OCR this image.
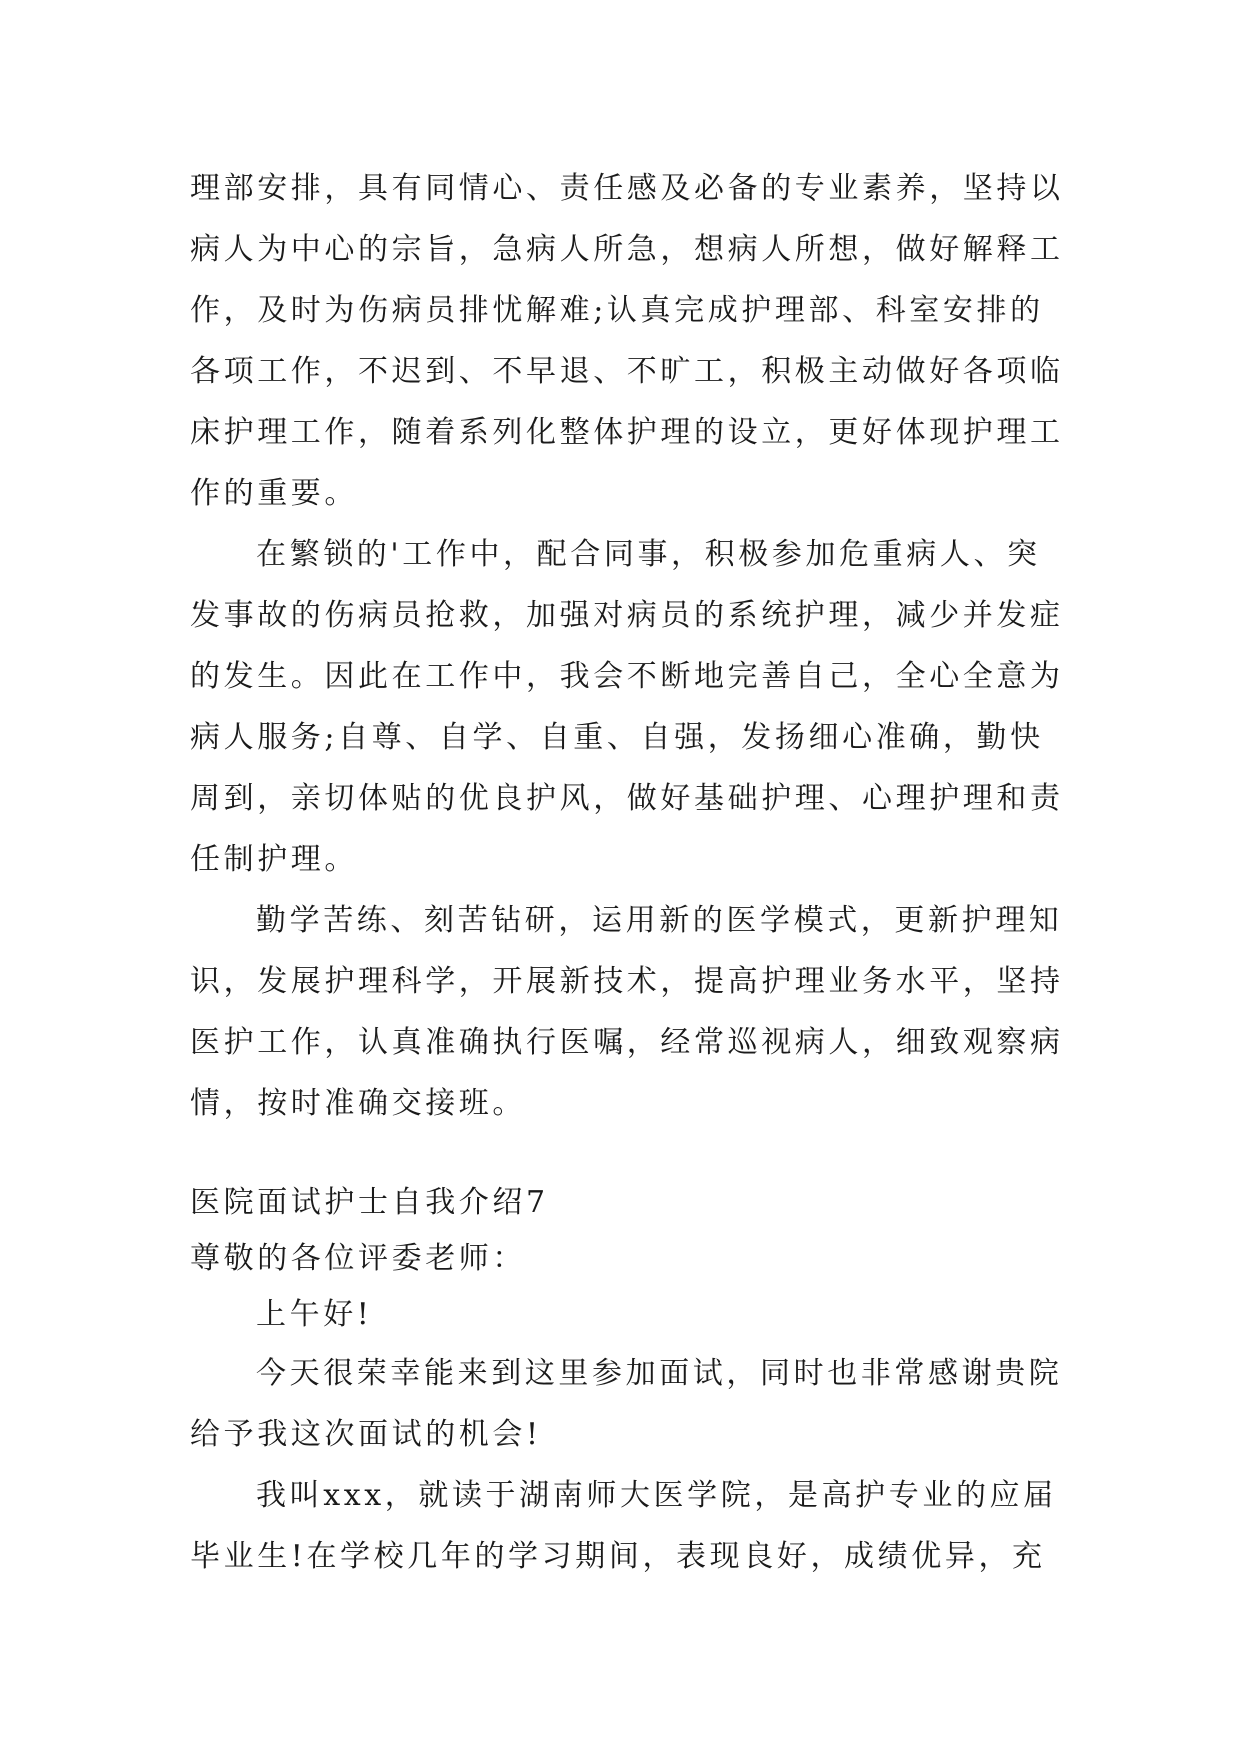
理部安排，具有同情心、责任感及必备的专业素养，坚持以
病人为中心的宗旨，急病人所急，想病人所想，做好解释工
作，及时为伤病员排忧解难;认真完成护理部、科室安排的
各项工作，不迟到、不早退、不旷工，积极主动做好各项临
床护理工作，随着系列化整体护理的设立，更好体现护理工
作的重要。
在繁锁的'工作中，配合同事，积极参加危重病人、突
发事故的伤病员抢救，加强对病员的系统护理，减少并发症
的发生。因此在工作中，我会不断地完善自己，全心全意为
病人服务;自尊、自学、自重、自强，发扬细心准确，勤快
周到，亲切体贴的优良护风，做好基础护理、心理护理和责
任制护理。
勤学苦练、刻苦钻研，运用新的医学模式，更新护理知
识，发展护理科学，开展新技术，提高护理业务水平，坚持
医护工作，认真准确执行医嘱，经常巡视病人，细致观察病
情，按时准确交接班。
医院面试护士自我介绍7
尊敬的各位评委老师：
上午好!
今天很荣幸能来到这里参加面试，同时也非常感谢贵院
给予我这次面试的机会!
我叫xxx，就读于湖南师大医学院，是高护专业的应届
毕业生!在学校几年的学习期间，表现良好，成绩优异，充
